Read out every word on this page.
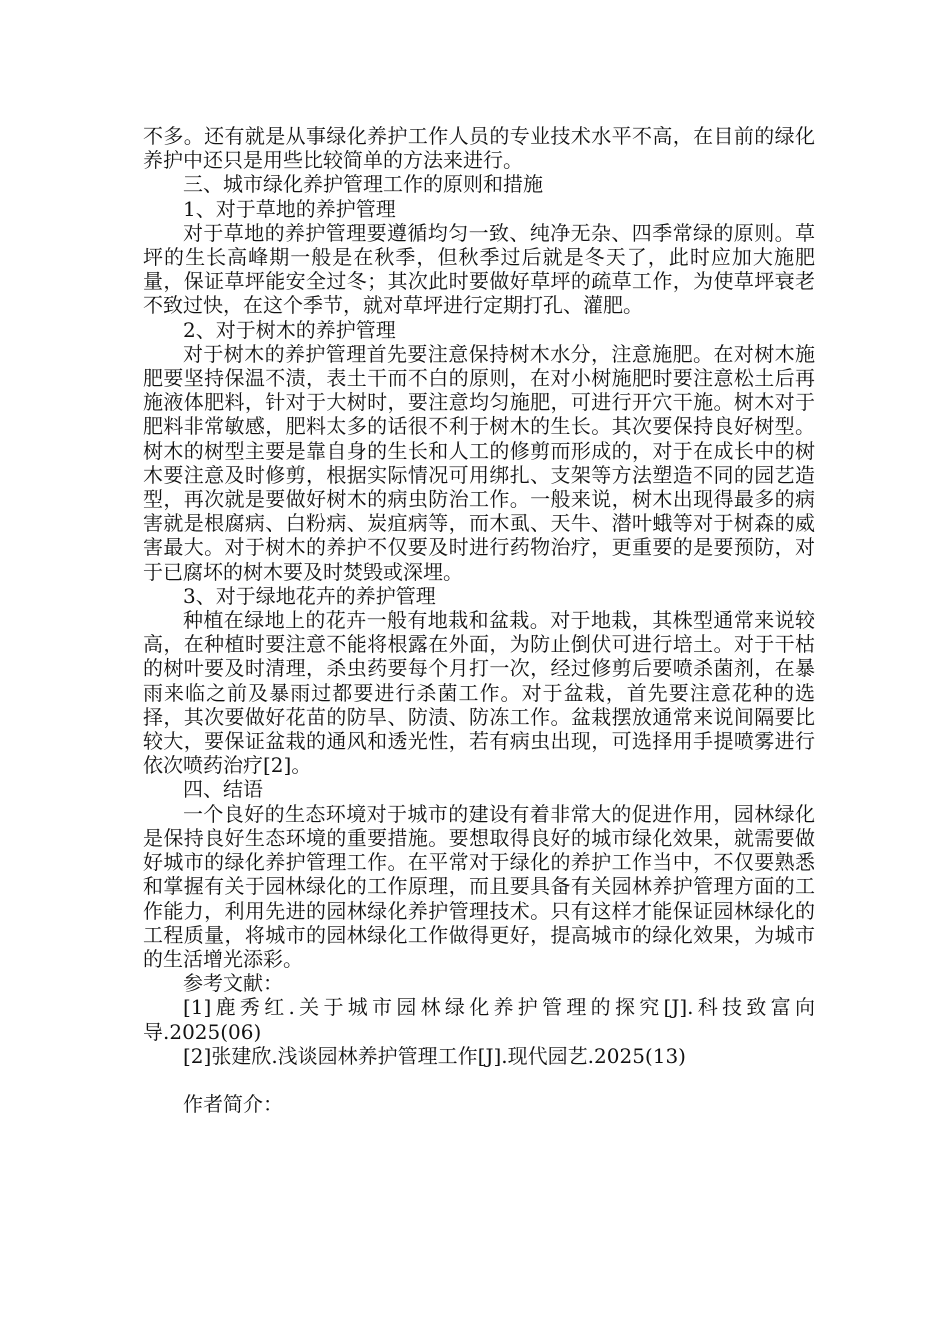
不多。还有就是从事绿化养护工作人员的专业技术水平不高，在目前的绿化养护中还只是用些比较简单的方法来进行。

三、城市绿化养护管理工作的原则和措施

1、对于草地的养护管理

对于草地的养护管理要遵循均匀一致、纯净无杂、四季常绿的原则。草坪的生长高峰期一般是在秋季，但秋季过后就是冬天了，此时应加大施肥量，保证草坪能安全过冬；其次此时要做好草坪的疏草工作，为使草坪衰老不致过快，在这个季节，就对草坪进行定期打孔、灌肥。

2、对于树木的养护管理

对于树木的养护管理首先要注意保持树木水分，注意施肥。在对树木施肥要坚持保温不渍，表土干而不白的原则，在对小树施肥时要注意松土后再施液体肥料，针对于大树时，要注意均匀施肥，可进行开穴干施。树木对于肥料非常敏感，肥料太多的话很不利于树木的生长。其次要保持良好树型。树木的树型主要是靠自身的生长和人工的修剪而形成的，对于在成长中的树木要注意及时修剪，根据实际情况可用绑扎、支架等方法塑造不同的园艺造型，再次就是要做好树木的病虫防治工作。一般来说，树木出现得最多的病害就是根腐病、白粉病、炭疽病等，而木虱、天牛、潜叶蛾等对于树森的威害最大。对于树木的养护不仅要及时进行药物治疗，更重要的是要预防，对于已腐坏的树木要及时焚毁或深埋。

3、对于绿地花卉的养护管理

种植在绿地上的花卉一般有地栽和盆栽。对于地栽，其株型通常来说较高，在种植时要注意不能将根露在外面，为防止倒伏可进行培土。对于干枯的树叶要及时清理，杀虫药要每个月打一次，经过修剪后要喷杀菌剂，在暴雨来临之前及暴雨过都要进行杀菌工作。对于盆栽，首先要注意花种的选择，其次要做好花苗的防旱、防渍、防冻工作。盆栽摆放通常来说间隔要比较大，要保证盆栽的通风和透光性，若有病虫出现，可选择用手提喷雾进行依次喷药治疗[2]。

四、结语

一个良好的生态环境对于城市的建设有着非常大的促进作用，园林绿化是保持良好生态环境的重要措施。要想取得良好的城市绿化效果，就需要做好城市的绿化养护管理工作。在平常对于绿化的养护工作当中，不仅要熟悉和掌握有关于园林绿化的工作原理，而且要具备有关园林养护管理方面的工作能力，利用先进的园林绿化养护管理技术。只有这样才能保证园林绿化的工程质量，将城市的园林绿化工作做得更好，提高城市的绿化效果，为城市的生活增光添彩。

参考文献：

[1]鹿秀红.关于城市园林绿化养护管理的探究[J].科技致富向导.2025(06)

[2]张建欣.浅谈园林养护管理工作[J].现代园艺.2025(13)

作者简介：
